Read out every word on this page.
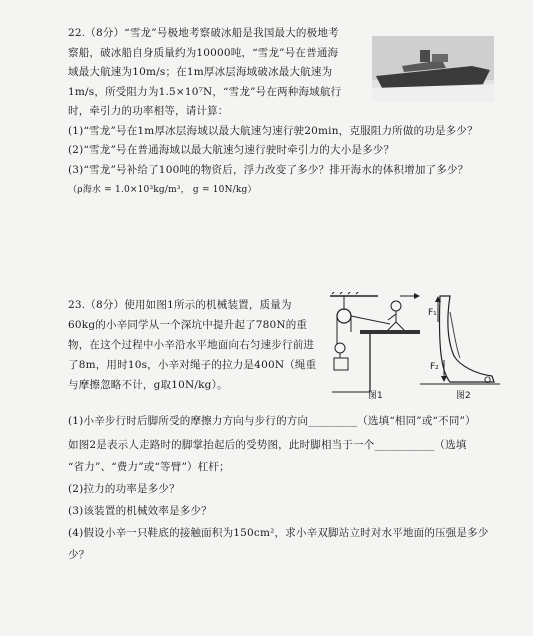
22.（8分）“雪龙”号极地考察破冰船是我国最大的极地考
察船，破冰船自身质量约为10000吨，“雪龙”号在普通海
域最大航速为10m/s；在1m厚冰层海域破冰最大航速为
1m/s，所受阻力为1.5×10⁷N，“雪龙”号在两种海域航行
时，牵引力的功率相等，请计算：
(1)“雪龙”号在1m厚冰层海域以最大航速匀速行驶20min，克服阻力所做的功是多少？
(2)“雪龙”号在普通海域以最大航速匀速行驶时牵引力的大小是多少？
(3)“雪龙”号补给了100吨的物资后，浮力改变了多少？排开海水的体积增加了多少？
（ρ海水 = 1.0×10³kg/m³， g = 10N/kg）
23.（8分）使用如图1所示的机械装置，质量为
60kg的小辛同学从一个深坑中提升起了780N的重
物，在这个过程中小辛沿水平地面向右匀速步行前进
了8m，用时10s，小辛对绳子的拉力是400N（绳重
与摩擦忽略不计，g取10N/kg）。
图1
F₁
F₂
O
图2
(1)小辛步行时后脚所受的摩擦力方向与步行的方向_________（选填“相同”或“不同”）
如图2是表示人走路时的脚掌抬起后的受势图，此时脚相当于一个___________（选填
“省力”、“费力”或“等臂”）杠杆；
(2)拉力的功率是多少？
(3)该装置的机械效率是多少？
(4)假设小辛一只鞋底的接触面积为150cm²，求小辛双脚站立时对水平地面的压强是多少
少？
